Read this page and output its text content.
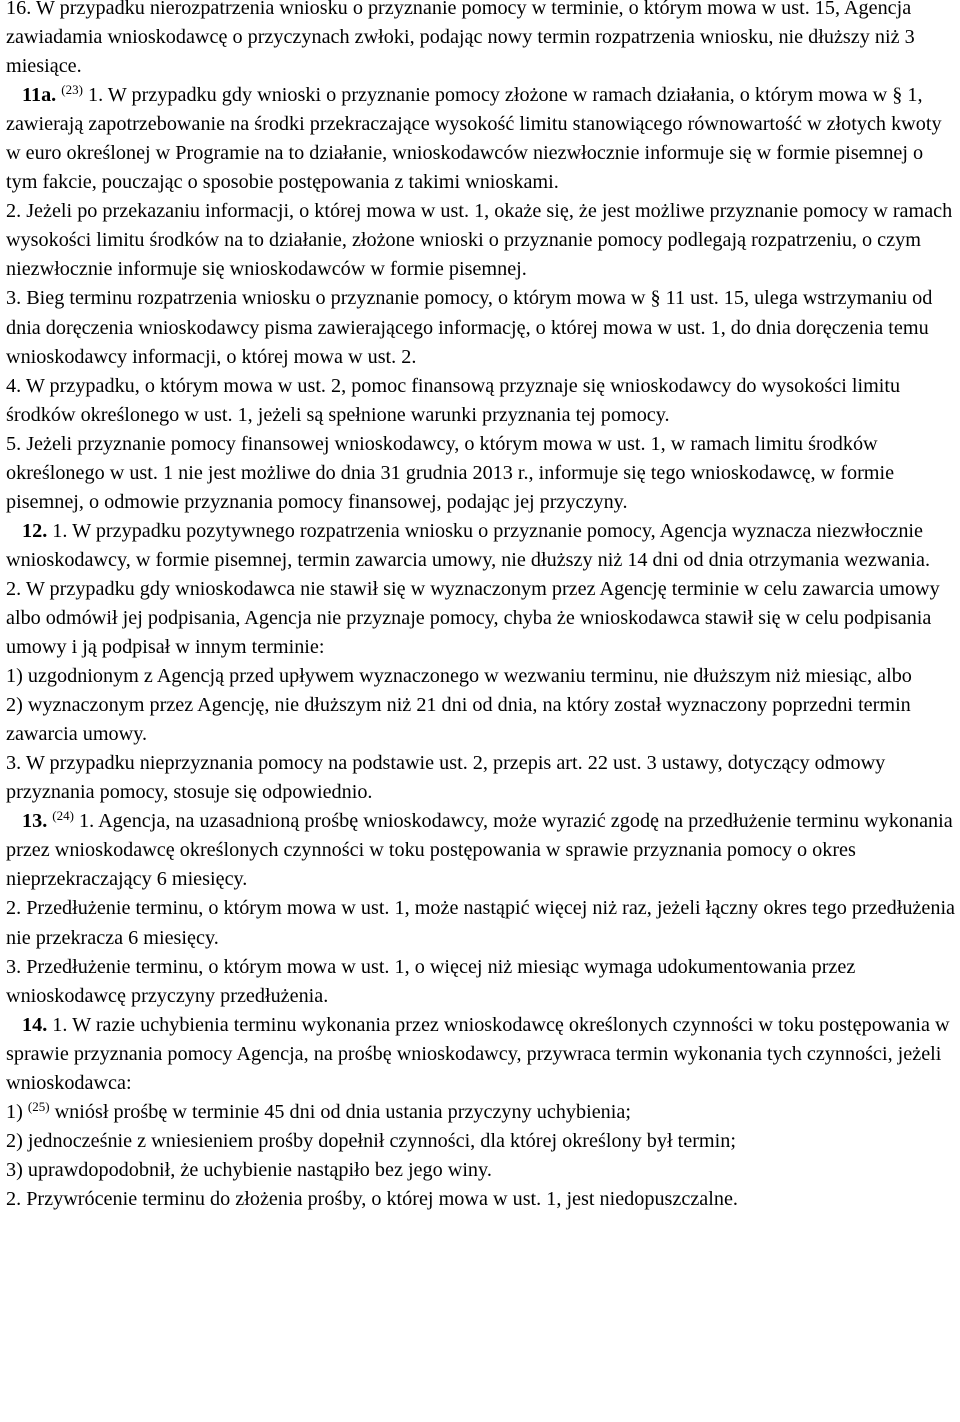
16. W przypadku nierozpatrzenia wniosku o przyznanie pomocy w terminie, o którym mowa w ust. 15, Agencja zawiadamia wnioskodawcę o przyczynach zwłoki, podając nowy termin rozpatrzenia wniosku, nie dłuższy niż 3 miesiące.

11a. $^{(23)}$ 1. W przypadku gdy wnioski o przyznanie pomocy złożone w ramach działania, o którym mowa w § 1, zawierają zapotrzebowanie na środki przekraczające wysokość limitu stanowiącego równowartość w złotych kwoty w euro określonej w Programie na to działanie, wnioskodawców niezwłocznie informuje się w formie pisemnej o tym fakcie, pouczając o sposobie postępowania z takimi wnioskami.

2. Jeżeli po przekazaniu informacji, o której mowa w ust. 1, okaże się, że jest możliwe przyznanie pomocy w ramach wysokości limitu środków na to działanie, złożone wnioski o przyznanie pomocy podlegają rozpatrzeniu, o czym niezwłocznie informuje się wnioskodawców w formie pisemnej.

3. Bieg terminu rozpatrzenia wniosku o przyznanie pomocy, o którym mowa w § 11 ust. 15, ulega wstrzymaniu od dnia doręczenia wnioskodawcy pisma zawierającego informację, o której mowa w ust. 1, do dnia doręczenia temu wnioskodawcy informacji, o której mowa w ust. 2.

4. W przypadku, o którym mowa w ust. 2, pomoc finansową przyznaje się wnioskodawcy do wysokości limitu środków określonego w ust. 1, jeżeli są spełnione warunki przyznania tej pomocy.

5. Jeżeli przyznanie pomocy finansowej wnioskodawcy, o którym mowa w ust. 1, w ramach limitu środków określonego w ust. 1 nie jest możliwe do dnia 31 grudnia 2013 r., informuje się tego wnioskodawcę, w formie pisemnej, o odmowie przyznania pomocy finansowej, podając jej przyczyny.

12. 1. W przypadku pozytywnego rozpatrzenia wniosku o przyznanie pomocy, Agencja wyznacza niezwłocznie wnioskodawcy, w formie pisemnej, termin zawarcia umowy, nie dłuższy niż 14 dni od dnia otrzymania wezwania.

2. W przypadku gdy wnioskodawca nie stawił się w wyznaczonym przez Agencję terminie w celu zawarcia umowy albo odmówił jej podpisania, Agencja nie przyznaje pomocy, chyba że wnioskodawca stawił się w celu podpisania umowy i ją podpisał w innym terminie:

1) uzgodnionym z Agencją przed upływem wyznaczonego w wezwaniu terminu, nie dłuższym niż miesiąc, albo

2) wyznaczonym przez Agencję, nie dłuższym niż 21 dni od dnia, na który został wyznaczony poprzedni termin zawarcia umowy.

3. W przypadku nieprzyznania pomocy na podstawie ust. 2, przepis art. 22 ust. 3 ustawy, dotyczący odmowy przyznania pomocy, stosuje się odpowiednio.

13. $^{(24)}$ 1. Agencja, na uzasadnioną prośbę wnioskodawcy, może wyrazić zgodę na przedłużenie terminu wykonania przez wnioskodawcę określonych czynności w toku postępowania w sprawie przyznania pomocy o okres nieprzekraczający 6 miesięcy.

2. Przedłużenie terminu, o którym mowa w ust. 1, może nastąpić więcej niż raz, jeżeli łączny okres tego przedłużenia nie przekracza 6 miesięcy.

3. Przedłużenie terminu, o którym mowa w ust. 1, o więcej niż miesiąc wymaga udokumentowania przez wnioskodawcę przyczyny przedłużenia.

14. 1. W razie uchybienia terminu wykonania przez wnioskodawcę określonych czynności w toku postępowania w sprawie przyznania pomocy Agencja, na prośbę wnioskodawcy, przywraca termin wykonania tych czynności, jeżeli wnioskodawca:

1) $^{(25)}$ wniósł prośbę w terminie 45 dni od dnia ustania przyczyny uchybienia;

2) jednocześnie z wniesieniem prośby dopełnił czynności, dla której określony był termin;

3) uprawdopodobnił, że uchybienie nastąpiło bez jego winy.

2. Przywrócenie terminu do złożenia prośby, o której mowa w ust. 1, jest niedopuszczalne.
